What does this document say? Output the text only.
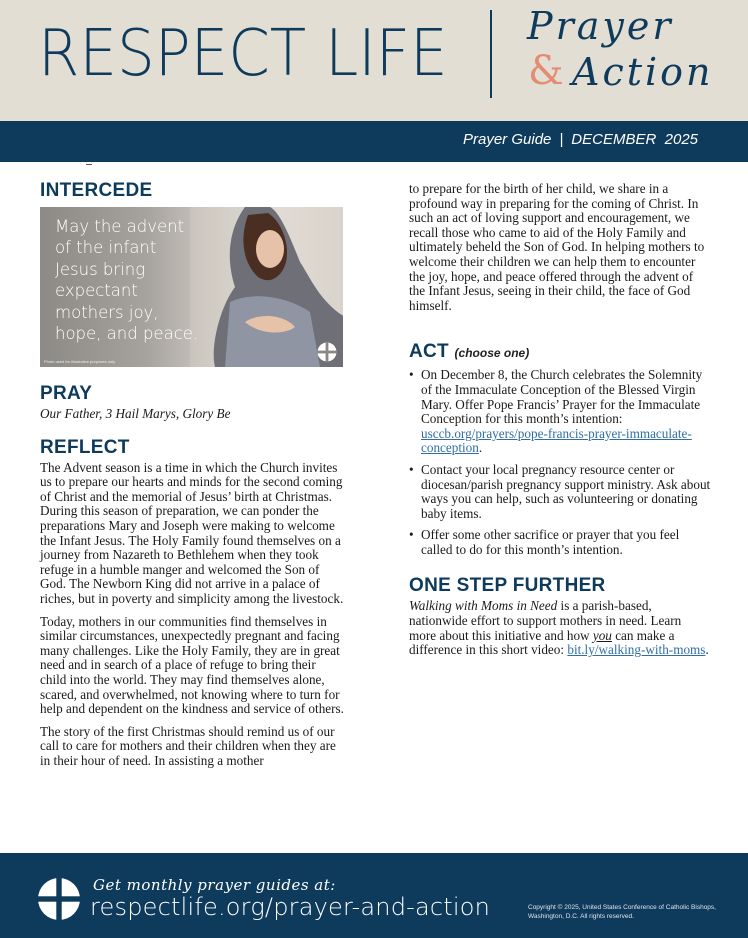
RESPECT LIFE Prayer
& Action
Prayer Guide | DECEMBER  2025
INTERCEDE
May the advent
of the infant
Jesus bring
expectant
mothers joy,
hope, and peace.
Photo used for illustrative purposes only.
PRAY

Our Father, 3 Hail Marys, Glory Be

REFLECT

The Advent season is a time in which the Church invites us to prepare our hearts and minds for the second coming of Christ and the memorial of Jesus’ birth at Christmas. During this season of preparation, we can ponder the preparations Mary and Joseph were making to welcome the Infant Jesus. The Holy Family found themselves on a journey from Nazareth to Bethlehem when they took refuge in a humble manger and welcomed the Son of God. The Newborn King did not arrive in a palace of riches, but in poverty and simplicity among the livestock.

Today, mothers in our communities find themselves in similar circumstances, unexpectedly pregnant and facing many challenges. Like the Holy Family, they are in great need and in search of a place of refuge to bring their child into the world. They may find themselves alone, scared, and overwhelmed, not knowing where to turn for help and dependent on the kindness and service of others.

The story of the first Christmas should remind us of our call to care for mothers and their children when they are in their hour of need. In assisting a mother

to prepare for the birth of her child, we share in a profound way in preparing for the coming of Christ. In such an act of loving support and encouragement, we recall those who came to aid of the Holy Family and ultimately beheld the Son of God. In helping mothers to welcome their children we can help them to encounter the joy, hope, and peace offered through the advent of the Infant Jesus, seeing in their child, the face of God himself.

ACT (choose one)
• On December 8, the Church celebrates the Solemnity of the Immaculate Conception of the Blessed Virgin Mary. Offer Pope Francis’ Prayer for the Immaculate Conception for this month’s intention: usccb.org/prayers/pope-francis-prayer-immaculate-conception.
• Contact your local pregnancy resource center or diocesan/parish pregnancy support ministry. Ask about ways you can help, such as volunteering or donating baby items.
• Offer some other sacrifice or prayer that you feel called to do for this month’s intention.
ONE STEP FURTHER

Walking with Moms in Need is a parish-based, nationwide effort to support mothers in need. Learn more about this initiative and how you can make a difference in this short video: bit.ly/walking-with-moms.

Get monthly prayer guides at:
respectlife.org/prayer-and-action	Copyright © 2025, United States Conference of Catholic Bishops, Washington, D.C. All rights reserved.
